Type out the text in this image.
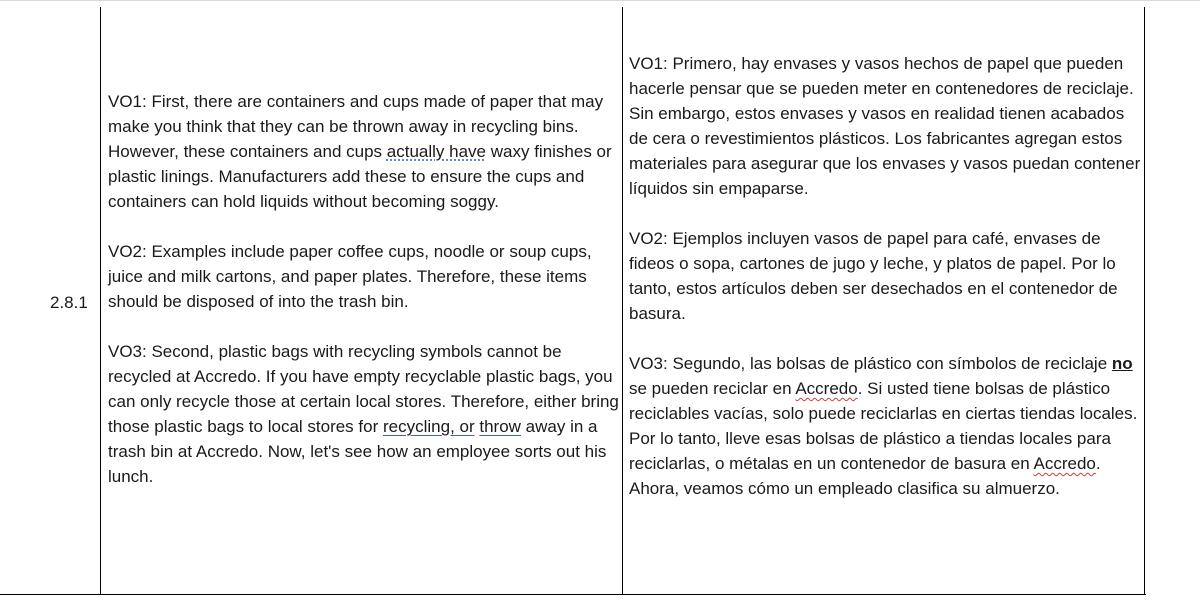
2.8.1

VO1: First, there are containers and cups made of paper that may make you think that they can be thrown away in recycling bins. However, these containers and cups actually have waxy finishes or plastic linings. Manufacturers add these to ensure the cups and containers can hold liquids without becoming soggy.

VO2: Examples include paper coffee cups, noodle or soup cups, juice and milk cartons, and paper plates. Therefore, these items should be disposed of into the trash bin.

VO3: Second, plastic bags with recycling symbols cannot be recycled at Accredo. If you have empty recyclable plastic bags, you can only recycle those at certain local stores. Therefore, either bring those plastic bags to local stores for recycling, or throw away in a trash bin at Accredo. Now, let's see how an employee sorts out his lunch.

VO1: Primero, hay envases y vasos hechos de papel que pueden hacerle pensar que se pueden meter en contenedores de reciclaje. Sin embargo, estos envases y vasos en realidad tienen acabados de cera o revestimientos plásticos. Los fabricantes agregan estos materiales para asegurar que los envases y vasos puedan contener líquidos sin empaparse.

VO2: Ejemplos incluyen vasos de papel para café, envases de fideos o sopa, cartones de jugo y leche, y platos de papel. Por lo tanto, estos artículos deben ser desechados en el contenedor de basura.

VO3: Segundo, las bolsas de plástico con símbolos de reciclaje no se pueden reciclar en Accredo. Si usted tiene bolsas de plástico reciclables vacías, solo puede reciclarlas en ciertas tiendas locales. Por lo tanto, lleve esas bolsas de plástico a tiendas locales para reciclarlas, o métalas en un contenedor de basura en Accredo. Ahora, veamos cómo un empleado clasifica su almuerzo.
